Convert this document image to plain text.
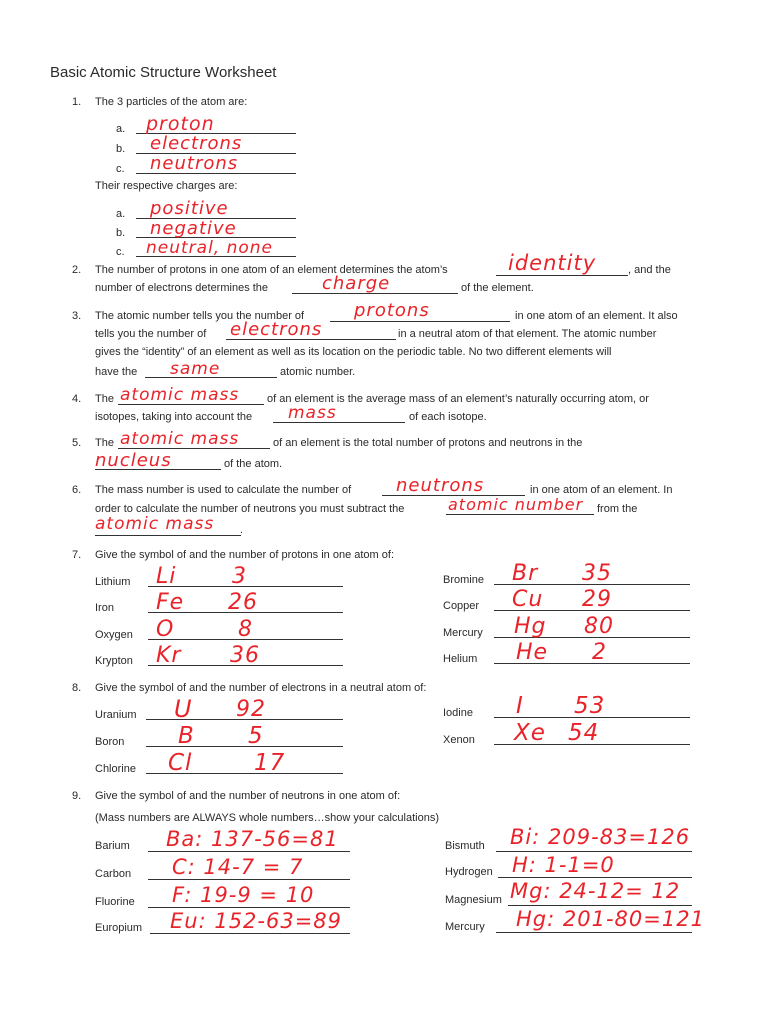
Basic Atomic Structure Worksheet
1. The 3 particles of the atom are:
a. proton
b. electrons
c. neutrons
Their respective charges are:
a. positive
b. negative
c. neutral, none
2. The number of protons in one atom of an element determines the atom’s	identity	, and the
number of electrons determines the	charge	of the element.
3. The atomic number tells you the number of	protons	in one atom of an element. It also
tells you the number of electrons	in a neutral atom of that element. The atomic number
gives the “identity” of an element as well as its location on the periodic table. No two different elements will
have the same	atomic number.
4. The atomic mass	of an element is the average mass of an element’s naturally occurring atom, or
isotopes, taking into account the mass	of each isotope.
5. The atomic mass	of an element is the total number of protons and neutrons in the
nucleus	of the atom.
6. The mass number is used to calculate the number of neutrons	in one atom of an element. In
order to calculate the number of neutrons you must subtract the	atomic number from the
atomic mass .
7. Give the symbol of and the number of protons in one atom of:
Lithium Li	3
Iron Fe 26
Oxygen O	8
Krypton Kr 36
Bromine Br 35
Copper Cu 29
Mercury Hg 80
Helium He 2
8. Give the symbol of and the number of electrons in a neutral atom of:
Uranium U 92
Boron B 5
Chlorine Cl	17
Iodine I 53
Xenon Xe 54
9. Give the symbol of and the number of neutrons in one atom of:
(Mass numbers are ALWAYS whole numbers…show your calculations)
Barium Ba: 137-56=81
Carbon C: 14-7 = 7
Fluorine F: 19-9 = 10
Europium Eu: 152-63=89
Bismuth Bi: 209-83=126
Hydrogen H: 1-1=0
Magnesium Mg: 24-12= 12
Mercury Hg: 201-80=121
